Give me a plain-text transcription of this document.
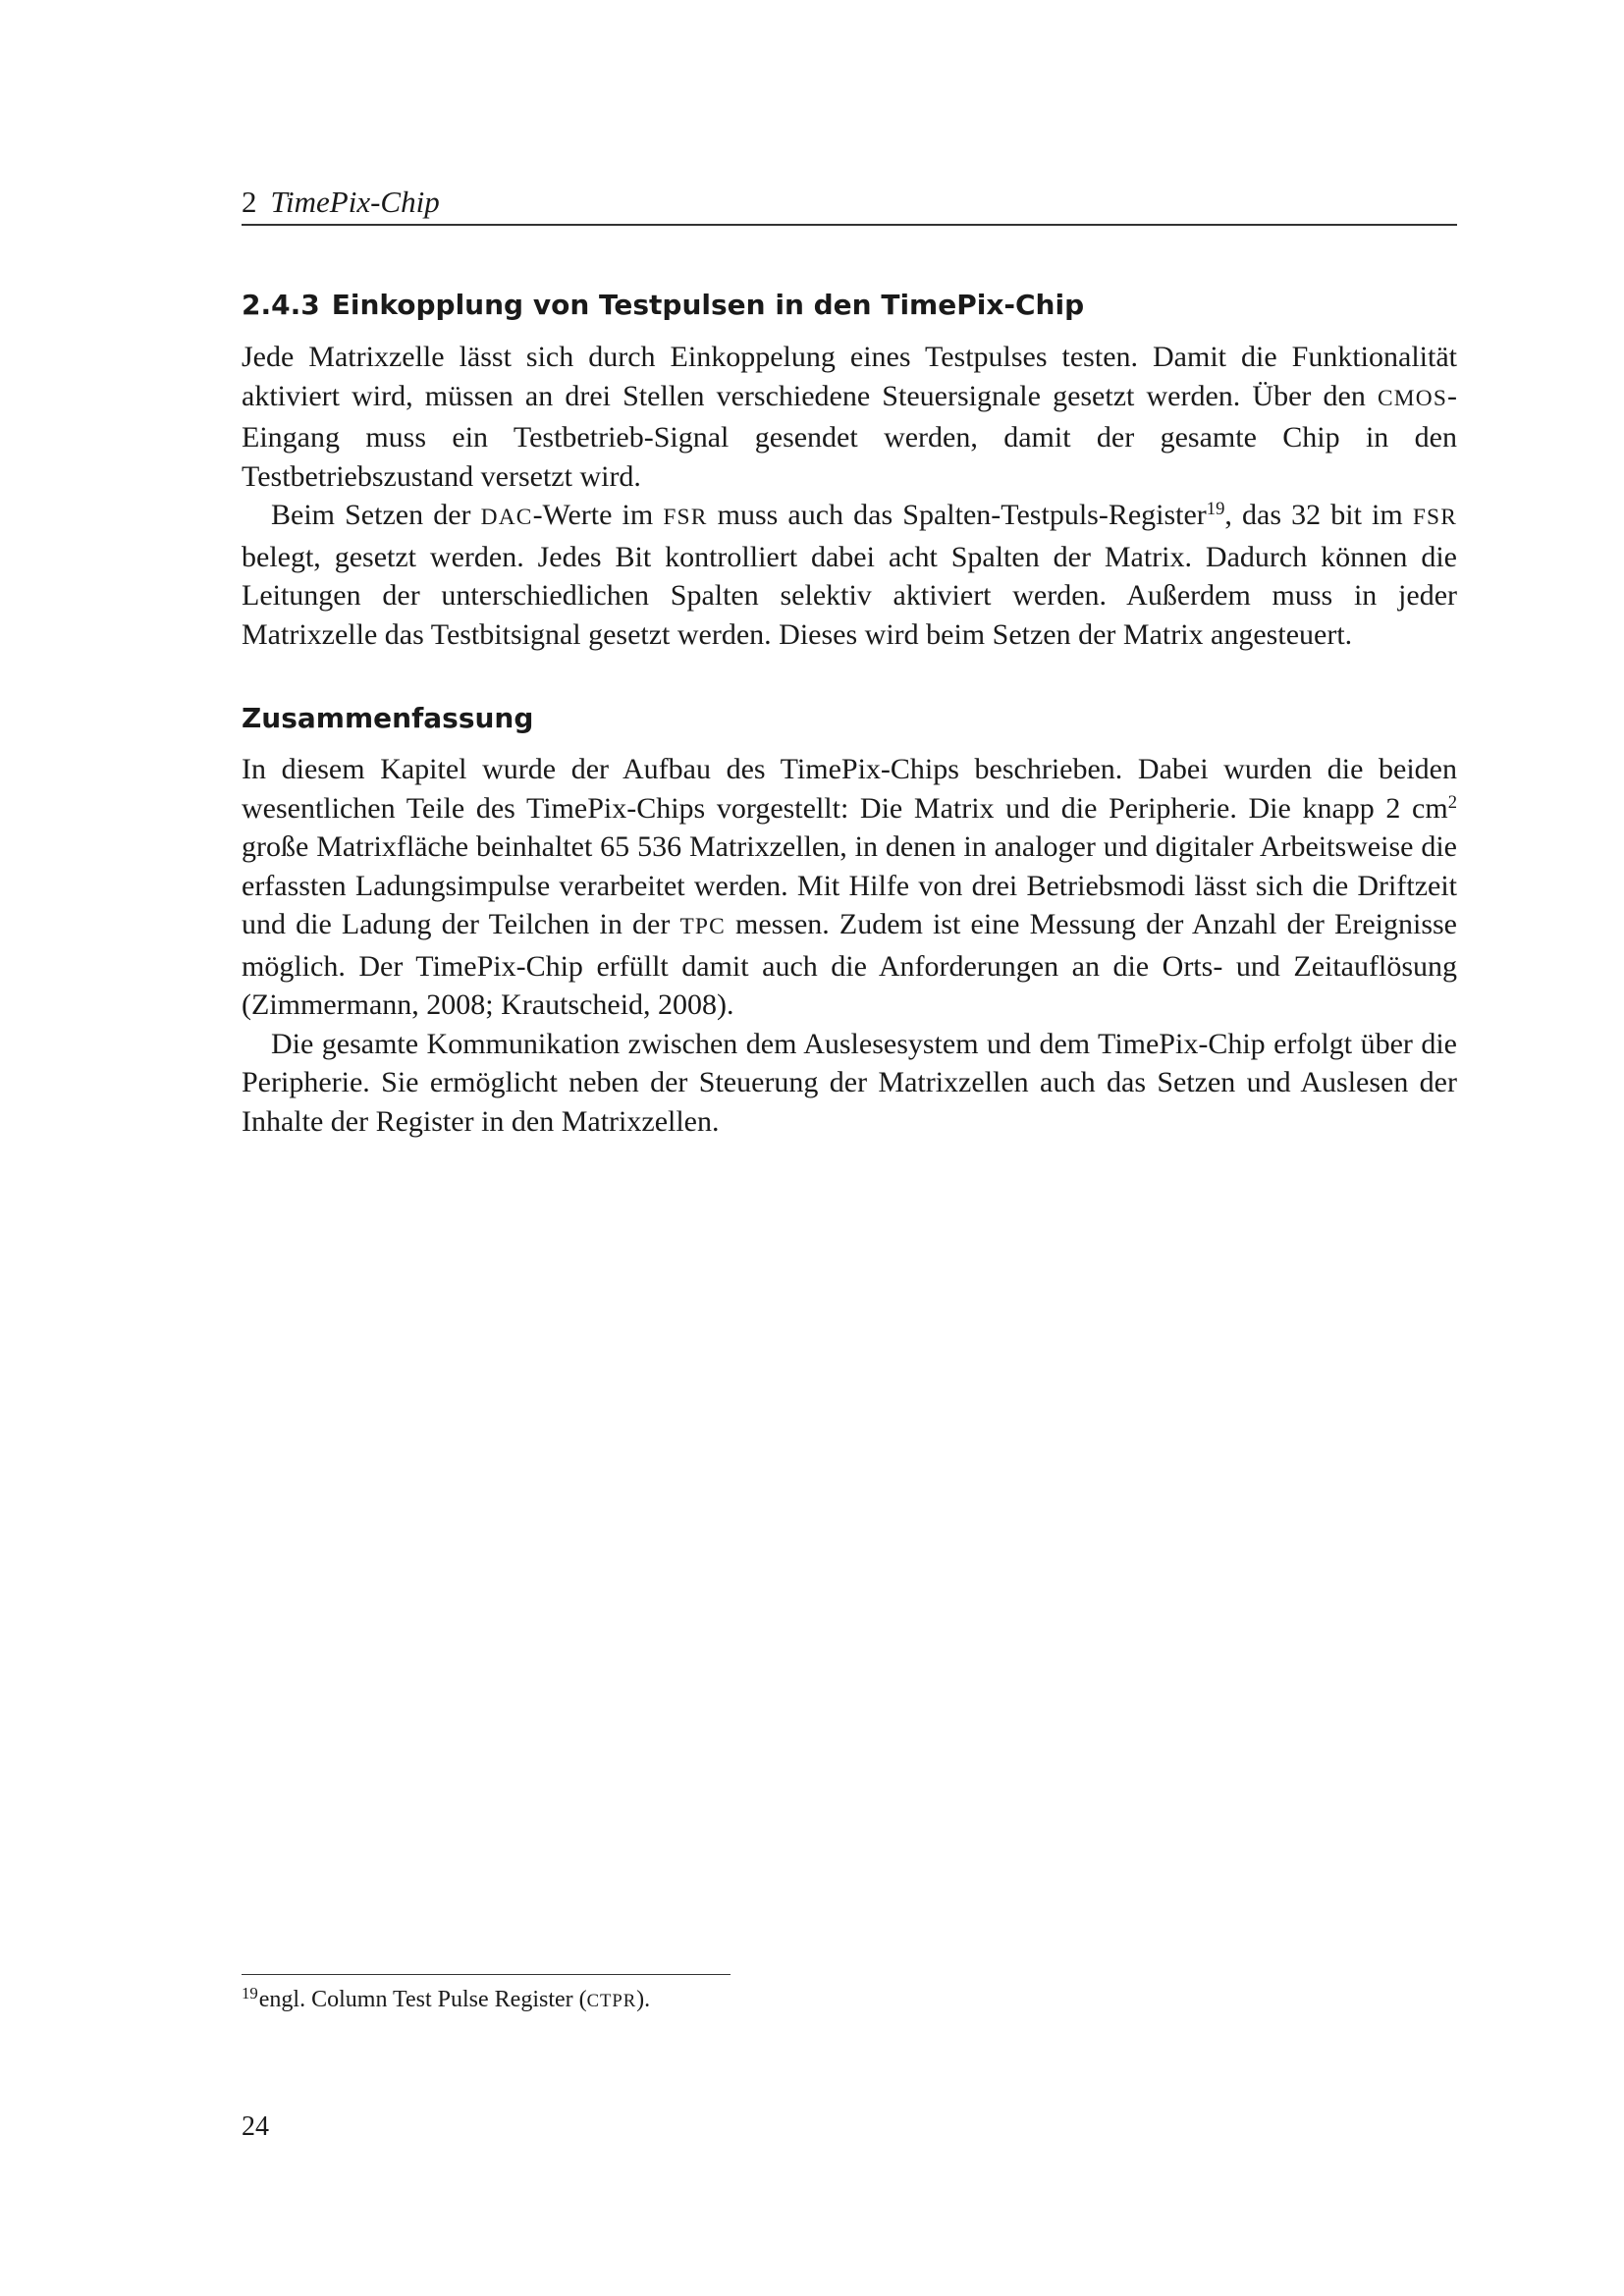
2 TimePix-Chip
2.4.3 Einkopplung von Testpulsen in den TimePix-Chip

Jede Matrixzelle lässt sich durch Einkoppelung eines Testpulses testen. Damit die Funktionalität aktiviert wird, müssen an drei Stellen verschiedene Steuersignale gesetzt werden. Über den CMOS-Eingang muss ein Testbetrieb-Signal gesendet werden, damit der gesamte Chip in den Testbetriebszustand versetzt wird.

Beim Setzen der DAC-Werte im FSR muss auch das Spalten-Testpuls-Register$^{19}$, das 32 bit im FSR belegt, gesetzt werden. Jedes Bit kontrolliert dabei acht Spalten der Matrix. Dadurch können die Leitungen der unterschiedlichen Spalten selektiv aktiviert werden. Außerdem muss in jeder Matrixzelle das Testbitsignal gesetzt werden. Dieses wird beim Setzen der Matrix angesteuert.

Zusammenfassung

In diesem Kapitel wurde der Aufbau des TimePix-Chips beschrieben. Dabei wurden die beiden wesentlichen Teile des TimePix-Chips vorgestellt: Die Matrix und die Peripherie. Die knapp 2 $cm^2$ große Matrixfläche beinhaltet 65 536 Matrixzellen, in denen in analoger und digitaler Arbeitsweise die erfassten Ladungsimpulse verarbeitet werden. Mit Hilfe von drei Betriebsmodi lässt sich die Driftzeit und die Ladung der Teilchen in der TPC messen. Zudem ist eine Messung der Anzahl der Ereignisse möglich. Der TimePix-Chip erfüllt damit auch die Anforderungen an die Orts- und Zeitauflösung (Zimmermann, 2008; Krautscheid, 2008).

Die gesamte Kommunikation zwischen dem Auslesesystem und dem TimePix-Chip erfolgt über die Peripherie. Sie ermöglicht neben der Steuerung der Matrixzellen auch das Setzen und Auslesen der Inhalte der Register in den Matrixzellen.

$^{19}$engl. Column Test Pulse Register (CTPR).
24
